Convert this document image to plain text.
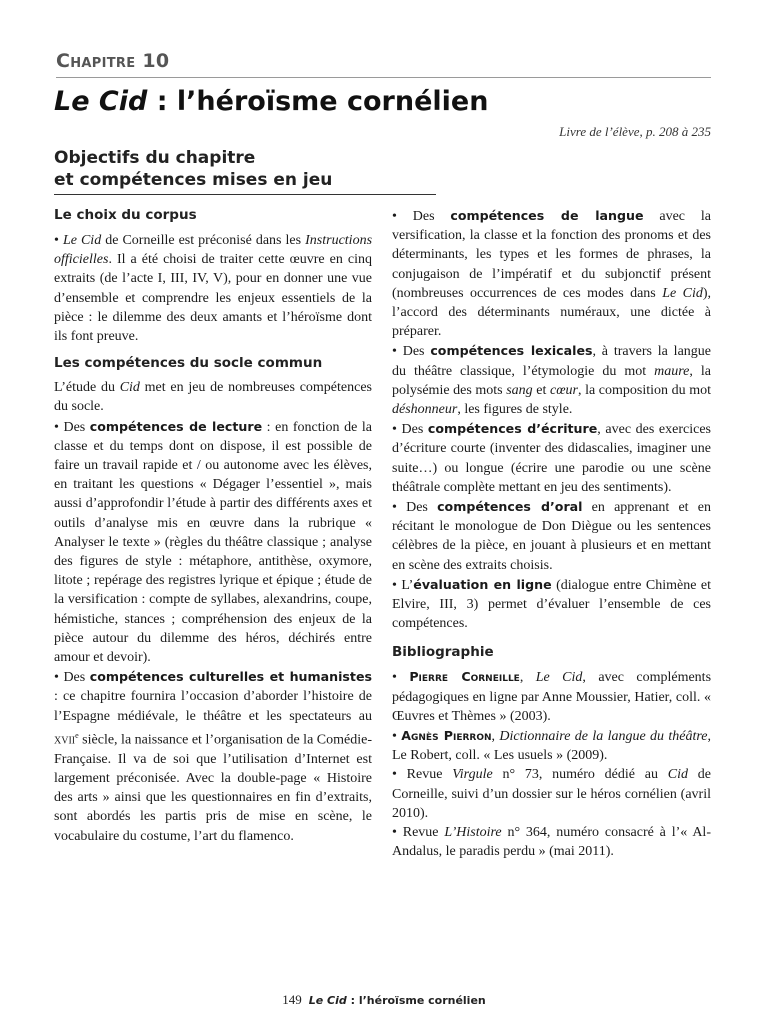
Chapitre 10
Le Cid : l’héroïsme cornélien
Livre de l’élève, p. 208 à 235
Objectifs du chapitre
et compétences mises en jeu
Le choix du corpus

• Le Cid de Corneille est préconisé dans les Instructions officielles. Il a été choisi de traiter cette œuvre en cinq extraits (de l’acte I, III, IV, V), pour en donner une vue d’ensemble et comprendre les enjeux essentiels de la pièce : le dilemme des deux amants et l’héroïsme dont ils font preuve.

Les compétences du socle commun

L’étude du Cid met en jeu de nombreuses compétences du socle.

• Des compétences de lecture : en fonction de la classe et du temps dont on dispose, il est possible de faire un travail rapide et / ou autonome avec les élèves, en traitant les questions « Dégager l’essentiel », mais aussi d’approfondir l’étude à partir des différents axes et outils d’analyse mis en œuvre dans la rubrique « Analyser le texte » (règles du théâtre classique ; analyse des figures de style : métaphore, antithèse, oxymore, litote ; repérage des registres lyrique et épique ; étude de la versification : compte de syllabes, alexandrins, coupe, hémistiche, stances ; compréhension des enjeux de la pièce autour du dilemme des héros, déchirés entre amour et devoir).

• Des compétences culturelles et humanistes : ce chapitre fournira l’occasion d’aborder l’histoire de l’Espagne médiévale, le théâtre et les spectateurs au xvii$^e$ siècle, la naissance et l’organisation de la Comédie-Française. Il va de soi que l’utilisation d’Internet est largement préconisée. Avec la double-page « Histoire des arts » ainsi que les questionnaires en fin d’extraits, sont abordés les partis pris de mise en scène, le vocabulaire du costume, l’art du flamenco.

• Des compétences de langue avec la versification, la classe et la fonction des pronoms et des déterminants, les types et les formes de phrases, la conjugaison de l’impératif et du subjonctif présent (nombreuses occurrences de ces modes dans Le Cid), l’accord des déterminants numéraux, une dictée à préparer.

• Des compétences lexicales, à travers la langue du théâtre classique, l’étymologie du mot maure, la polysémie des mots sang et cœur, la composition du mot déshonneur, les figures de style.

• Des compétences d’écriture, avec des exercices d’écriture courte (inventer des didascalies, imaginer une suite…) ou longue (écrire une parodie ou une scène théâtrale complète mettant en jeu des sentiments).

• Des compétences d’oral en apprenant et en récitant le monologue de Don Diègue ou les sentences célèbres de la pièce, en jouant à plusieurs et en mettant en scène des extraits choisis.

• L’évaluation en ligne (dialogue entre Chimène et Elvire, III, 3) permet d’évaluer l’ensemble de ces compétences.

Bibliographie

• Pierre Corneille, Le Cid, avec compléments pédagogiques en ligne par Anne Moussier, Hatier, coll. « Œuvres et Thèmes » (2003).

• Agnès Pierron, Dictionnaire de la langue du théâtre, Le Robert, coll. « Les usuels » (2009).

• Revue Virgule n° 73, numéro dédié au Cid de Corneille, suivi d’un dossier sur le héros cornélien (avril 2010).

• Revue L’Histoire n° 364, numéro consacré à l’« Al-Andalus, le paradis perdu » (mai 2011).

149 Le Cid : l’héroïsme cornélien
